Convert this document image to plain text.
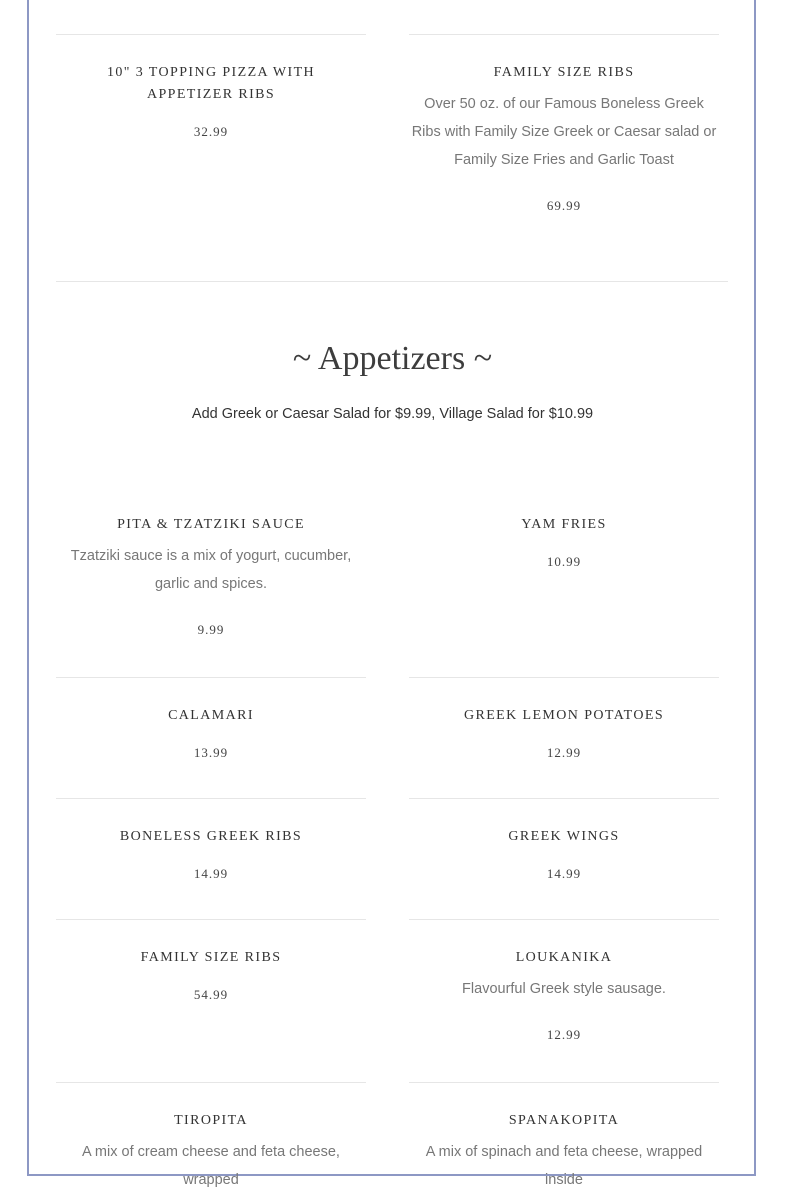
10" 3 TOPPING PIZZA WITH APPETIZER RIBS
32.99
FAMILY SIZE RIBS
Over 50 oz. of our Famous Boneless Greek Ribs with Family Size Greek or Caesar salad or Family Size Fries and Garlic Toast
69.99
~ Appetizers ~
Add Greek or Caesar Salad for $9.99, Village Salad for $10.99
PITA & TZATZIKI SAUCE
Tzatziki sauce is a mix of yogurt, cucumber, garlic and spices.
9.99
YAM FRIES
10.99
CALAMARI
13.99
GREEK LEMON POTATOES
12.99
BONELESS GREEK RIBS
14.99
GREEK WINGS
14.99
FAMILY SIZE RIBS
54.99
LOUKANIKA
Flavourful Greek style sausage.
12.99
TIROPITA
A mix of cream cheese and feta cheese, wrapped
SPANAKOPITA
A mix of spinach and feta cheese, wrapped inside
